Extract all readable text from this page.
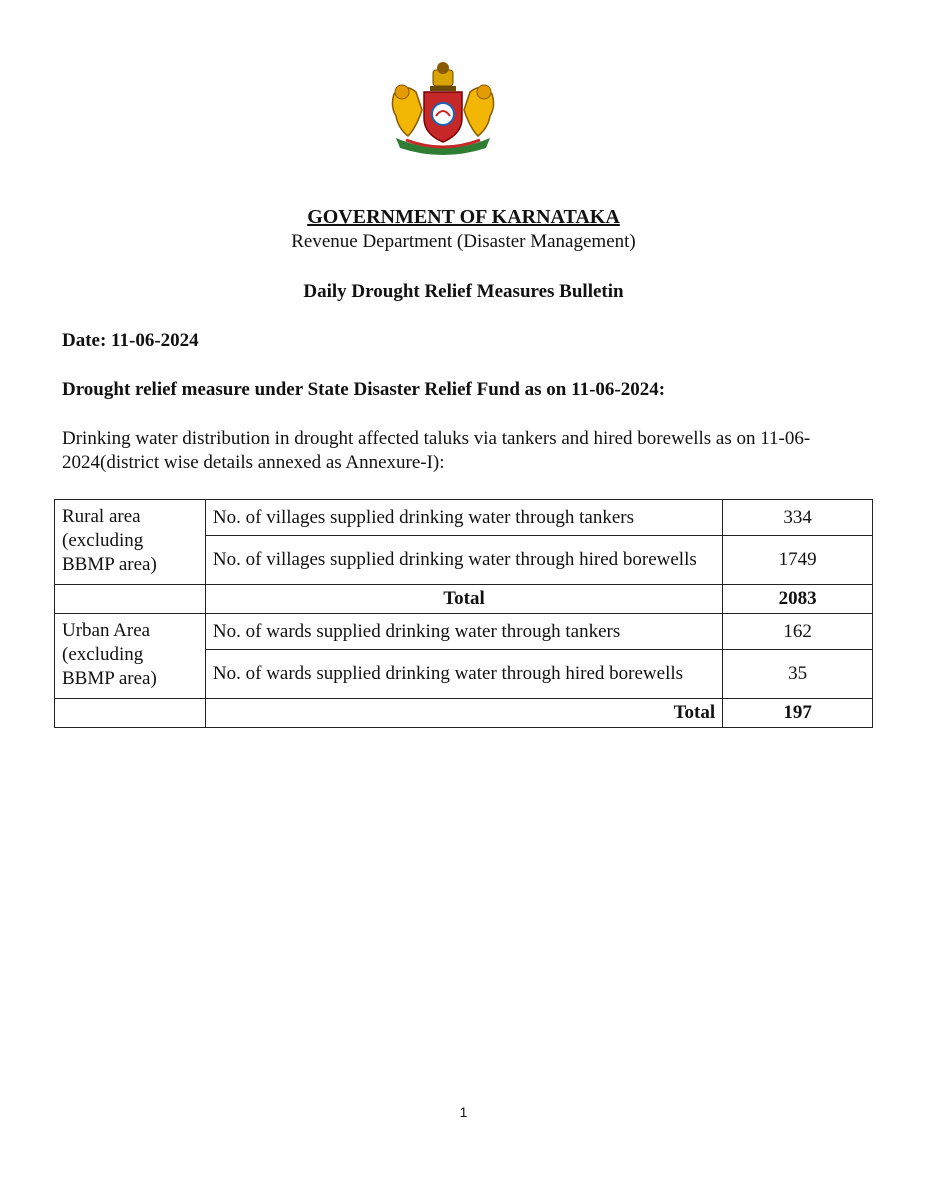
GOVERNMENT OF KARNATAKA
Revenue Department (Disaster Management)
Daily Drought Relief Measures Bulletin
Date: 11-06-2024
Drought relief measure under State Disaster Relief Fund as on 11-06-2024:
Drinking water distribution in drought affected taluks via tankers and hired borewells as on 11-06-2024(district wise details annexed as Annexure-I):
Rural area (excluding BBMP area)	No. of villages supplied drinking water through tankers	334
	No. of villages supplied drinking water through hired borewells	1749
	Total	2083
Urban Area (excluding BBMP area)	No. of wards supplied drinking water through tankers	162
	No. of wards supplied drinking water through hired borewells	35
	Total	197
1
